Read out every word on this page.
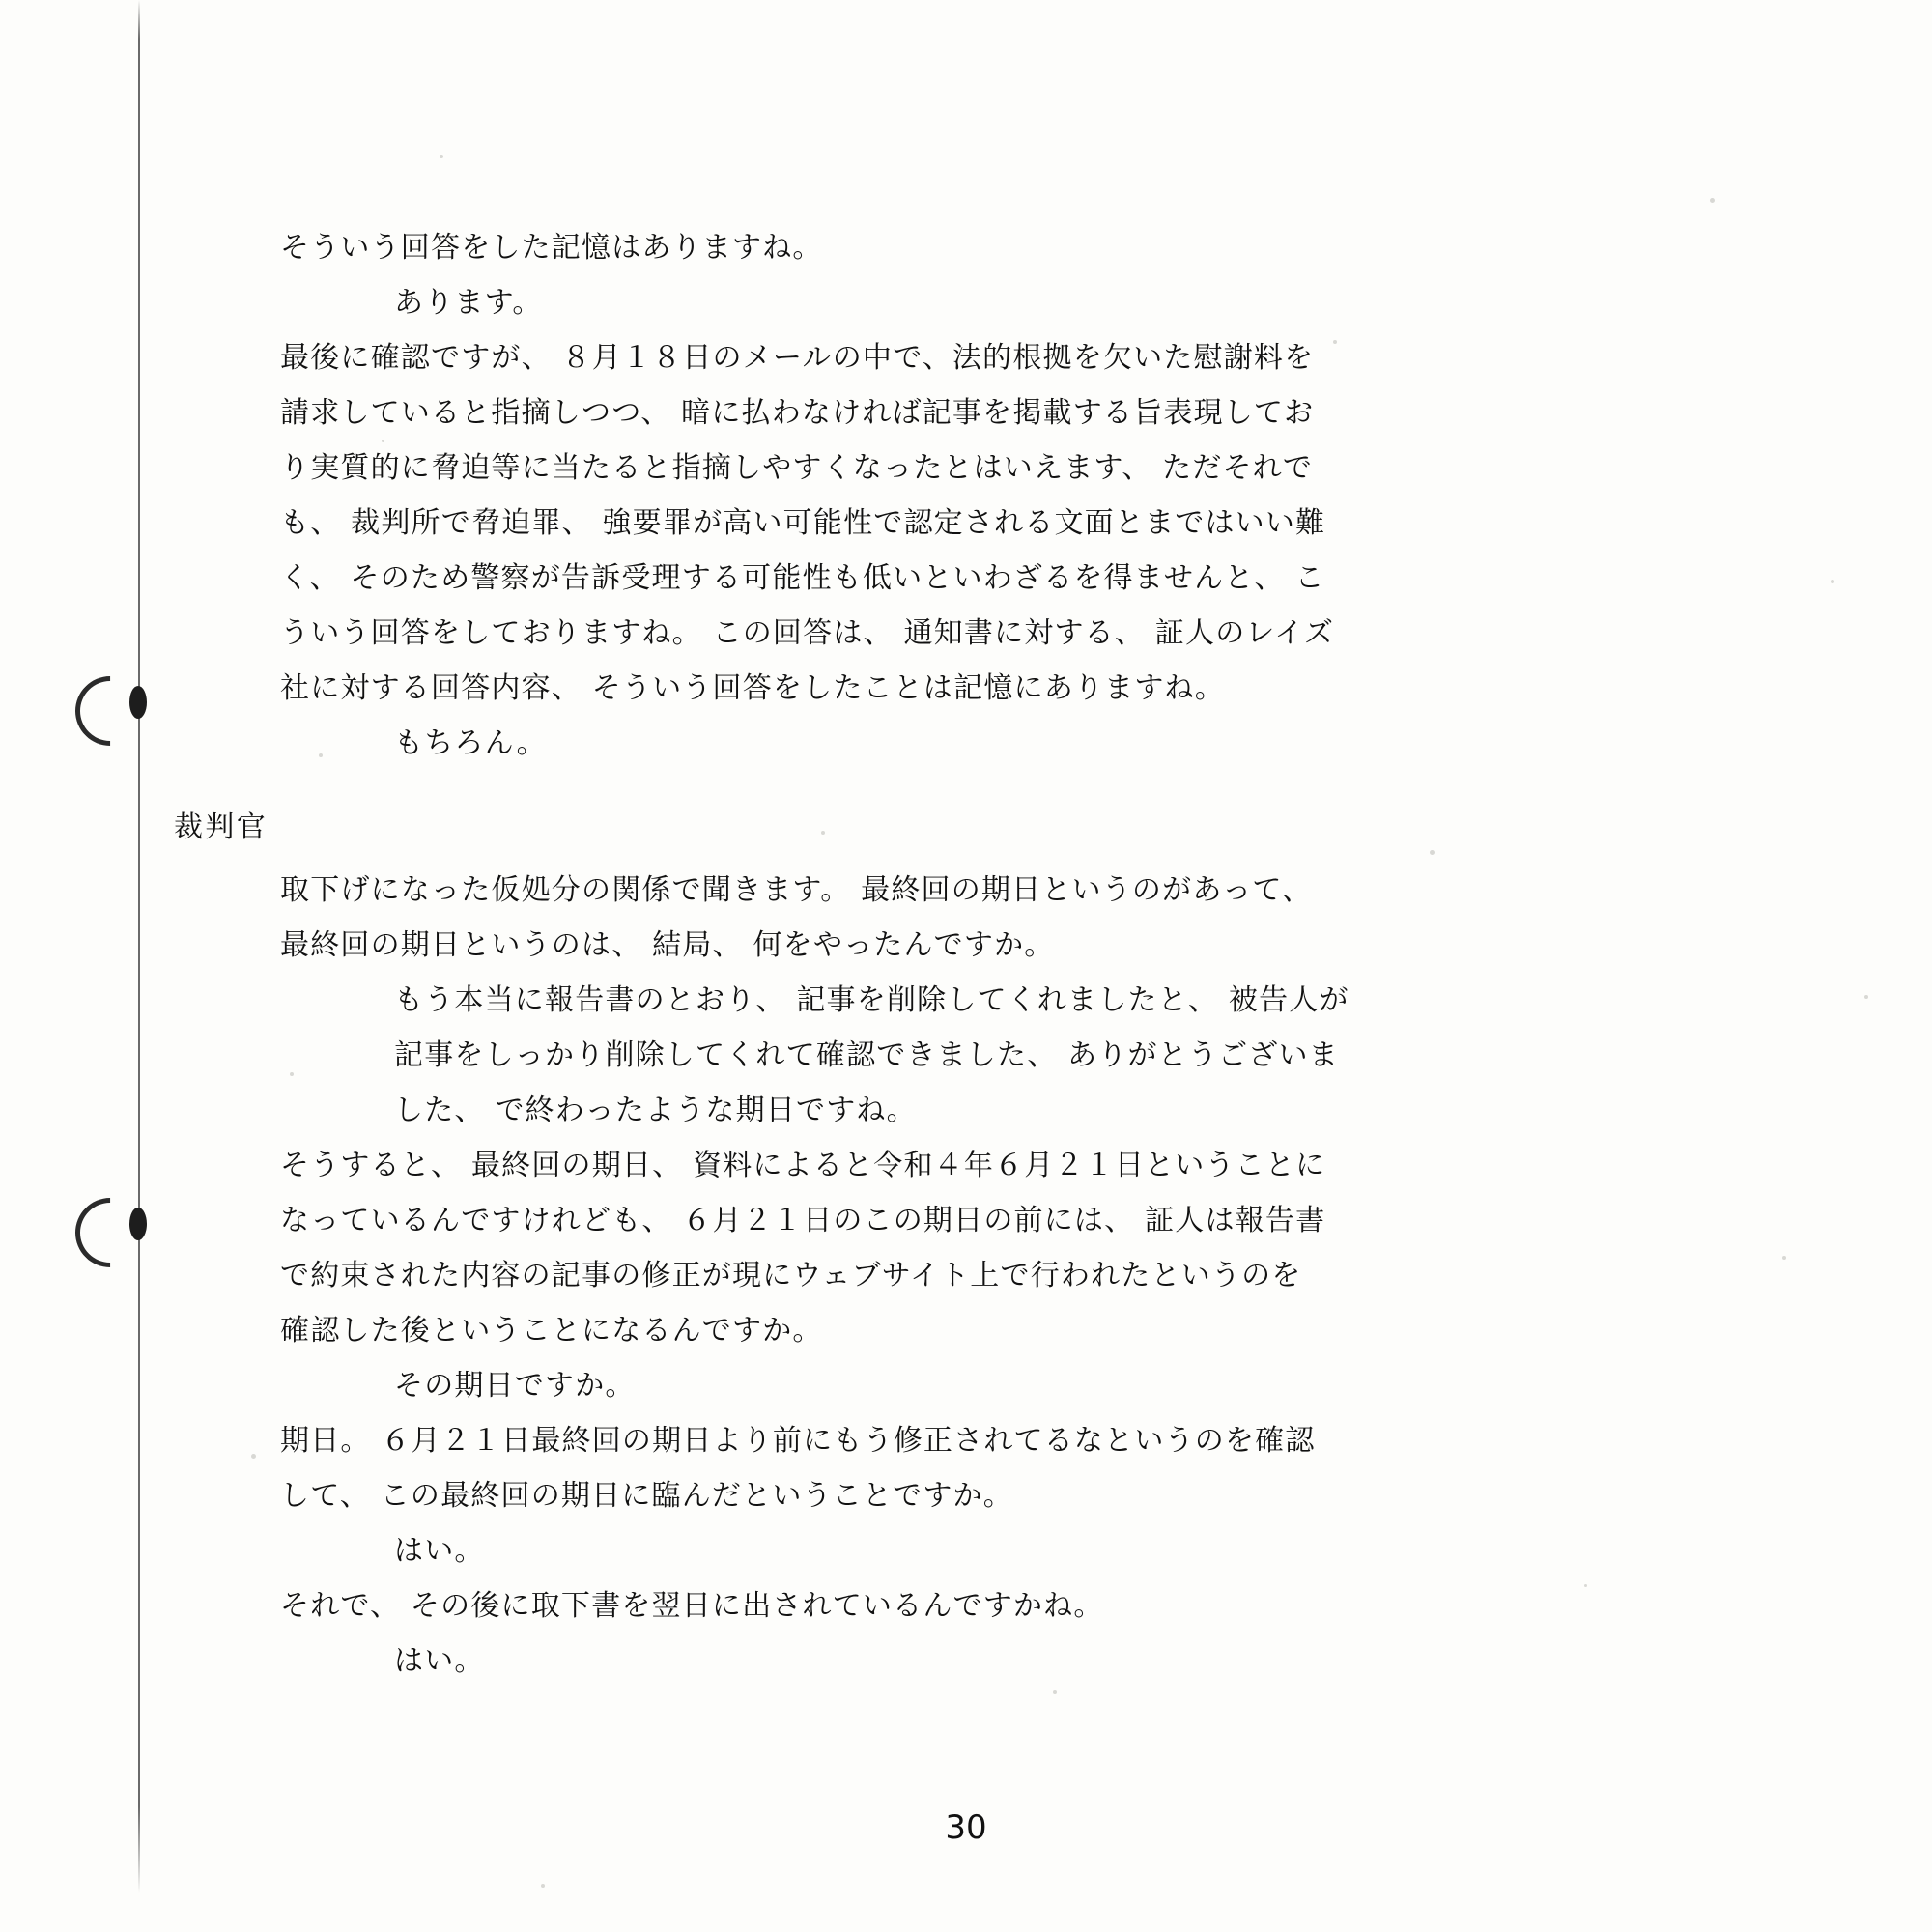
そういう回答をした記憶はありますね。
あります。
最後に確認ですが、 ８月１８日のメールの中で、法的根拠を欠いた慰謝料を
請求していると指摘しつつ、 暗に払わなければ記事を掲載する旨表現してお
り実質的に脅迫等に当たると指摘しやすくなったとはいえます、 ただそれで
も、 裁判所で脅迫罪、 強要罪が高い可能性で認定される文面とまではいい難
く、 そのため警察が告訴受理する可能性も低いといわざるを得ませんと、 こ
ういう回答をしておりますね。 この回答は、 通知書に対する、 証人のレイズ
社に対する回答内容、 そういう回答をしたことは記憶にありますね。
もちろん。
裁判官
取下げになった仮処分の関係で聞きます。 最終回の期日というのがあって、
最終回の期日というのは、 結局、 何をやったんですか。
もう本当に報告書のとおり、 記事を削除してくれましたと、 被告人が
記事をしっかり削除してくれて確認できました、 ありがとうございま
した、 で終わったような期日ですね。
そうすると、 最終回の期日、 資料によると令和４年６月２１日ということに
なっているんですけれども、 ６月２１日のこの期日の前には、 証人は報告書
で約束された内容の記事の修正が現にウェブサイト上で行われたというのを
確認した後ということになるんですか。
その期日ですか。
期日。 ６月２１日最終回の期日より前にもう修正されてるなというのを確認
して、 この最終回の期日に臨んだということですか。
はい。
それで、 その後に取下書を翌日に出されているんですかね。
はい。
30
